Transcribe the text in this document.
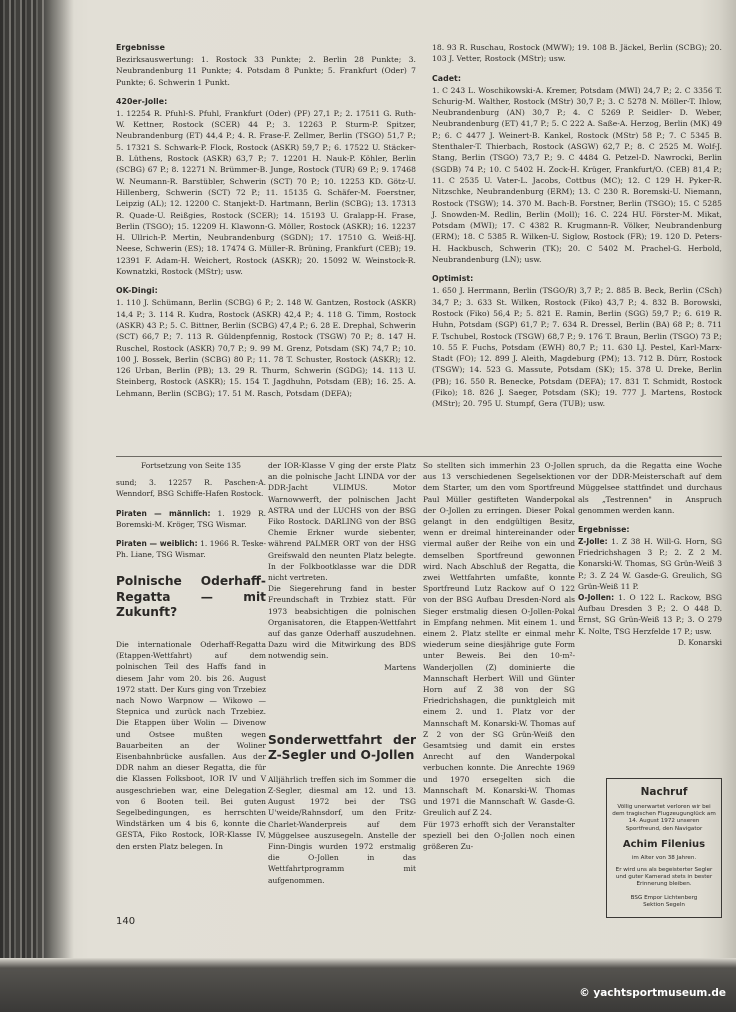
Ergebnisse

Bezirksauswertung: 1. Rostock 33 Punkte; 2. Berlin 28 Punkte; 3. Neubrandenburg 11 Punkte; 4. Potsdam 8 Punkte; 5. Frankfurt (Oder) 7 Punkte; 6. Schwerin 1 Punkt.

420er-Jolle:

1. 12254 R. Pfuhl-S. Pfuhl, Frankfurt (Oder) (PF) 27,1 P.; 2. 17511 G. Ruth-W. Kettner, Rostock (SCER) 44 P.; 3. 12263 P. Sturm-P. Spitzer, Neubrandenburg (ET) 44,4 P.; 4. R. Frase-F. Zellmer, Berlin (TSGO) 51,7 P.; 5. 17321 S. Schwark-P. Flock, Rostock (ASKR) 59,7 P.; 6. 17522 U. Stäcker-B. Lüthens, Rostock (ASKR) 63,7 P.; 7. 12201 H. Nauk-P. Köhler, Berlin (SCBG) 67 P.; 8. 12271 N. Brümmer-B. Junge, Rostock (TUR) 69 P.; 9. 17468 W. Neumann-R. Barstübler, Schwerin (SCT) 70 P.; 10. 12253 KD. Götz-U. Hillenberg, Schwerin (SCT) 72 P.; 11. 15135 G. Schäfer-M. Foerstner, Leipzig (AL); 12. 12200 C. Stanjekt-D. Hartmann, Berlin (SCBG); 13. 17313 R. Quade-U. Reißgies, Rostock (SCER); 14. 15193 U. Gralapp-H. Frase, Berlin (TSGO); 15. 12209 H. Klawonn-G. Möller, Rostock (ASKR); 16. 12237 H. Ullrich-P. Mertin, Neubrandenburg (SGDN); 17. 17510 G. Weiß-HJ. Neese, Schwerin (ES); 18. 17474 G. Müller-R. Brüning, Frankfurt (CEB); 19. 12391 F. Adam-H. Weichert, Rostock (ASKR); 20. 15092 W. Weinstock-R. Kownatzki, Rostock (MStr); usw.

OK-Dingi:

1. 110 J. Schümann, Berlin (SCBG) 6 P.; 2. 148 W. Gantzen, Rostock (ASKR) 14,4 P.; 3. 114 R. Kudra, Rostock (ASKR) 42,4 P.; 4. 118 G. Timm, Rostock (ASKR) 43 P.; 5. C. Bittner, Berlin (SCBG) 47,4 P.; 6. 28 E. Drephal, Schwerin (SCT) 66,7 P.; 7. 113 R. Güldenpfennig, Rostock (TSGW) 70 P.; 8. 147 H. Ruschel, Rostock (ASKR) 70,7 P.; 9. 99 M. Grenz, Potsdam (SK) 74,7 P.; 10. 100 J. Bossek, Berlin (SCBG) 80 P.; 11. 78 T. Schuster, Rostock (ASKR); 12. 126 Urban, Berlin (PB); 13. 29 R. Thurm, Schwerin (SGDG); 14. 113 U. Steinberg, Rostock (ASKR); 15. 154 T. Jagdhuhn, Potsdam (EB); 16. 25. A. Lehmann, Berlin (SCBG); 17. 51 M. Rasch, Potsdam (DEFA);

18. 93 R. Ruschau, Rostock (MWW); 19. 108 B. Jäckel, Berlin (SCBG); 20. 103 J. Vetter, Rostock (MStr); usw.

Cadet:

1. C 243 L. Woschikowski-A. Kremer, Potsdam (MWI) 24,7 P.; 2. C 3356 T. Schurig-M. Walther, Rostock (MStr) 30,7 P.; 3. C 5278 N. Möller-T. Ihlow, Neubrandenburg (AN) 30,7 P.; 4. C 5269 P. Seidler- D. Weber, Neubrandenburg (ET) 41,7 P.; 5. C 222 A. Saße-A. Herzog, Berlin (MK) 49 P.; 6. C 4477 J. Weinert-B. Kankel, Rostock (MStr) 58 P.; 7. C 5345 B. Stenthaler-T. Thierbach, Rostock (ASGW) 62,7 P.; 8. C 2525 M. Wolf-J. Stang, Berlin (TSGO) 73,7 P.; 9. C 4484 G. Petzel-D. Nawrocki, Berlin (SGDB) 74 P.; 10. C 5402 H. Zock-H. Krüger, Frankfurt/O. (CEB) 81,4 P.; 11. C 2535 U. Vater-L. Jacobs, Cottbus (MC); 12. C 129 H. Pyker-R. Nitzschke, Neubrandenburg (ERM); 13. C 230 R. Boremski-U. Niemann, Rostock (TSGW); 14. 370 M. Bach-B. Forstner, Berlin (TSGO); 15. C 5285 J. Snowden-M. Redlin, Berlin (Moll); 16. C. 224 HU. Förster-M. Mikat, Potsdam (MWI); 17. C 4382 R. Krugmann-R. Völker, Neubrandenburg (ERM); 18. C 5385 R. Wilken-U. Siglow, Rostock (FR); 19. 120 D. Peters-H. Hackbusch, Schwerin (TK); 20. C 5402 M. Prachel-G. Herbold, Neubrandenburg (LN); usw.

Optimist:

1. 650 J. Herrmann, Berlin (TSGO/R) 3,7 P.; 2. 885 B. Beck, Berlin (CSch) 34,7 P.; 3. 633 St. Wilken, Rostock (Fiko) 43,7 P.; 4. 832 B. Borowski, Rostock (Fiko) 56,4 P.; 5. 821 E. Ramin, Berlin (SGG) 59,7 P.; 6. 619 R. Huhn, Potsdam (SGP) 61,7 P.; 7. 634 R. Dressel, Berlin (BA) 68 P.; 8. 711 F. Tschubel, Rostock (TSGW) 68,7 P.; 9. 176 T. Braun, Berlin (TSGO) 73 P.; 10. 55 F. Fuchs, Potsdam (EWH) 80,7 P.; 11. 630 LJ. Pestel, Karl-Marx-Stadt (FO); 12. 899 J. Aleith, Magdeburg (PM); 13. 712 B. Dürr, Rostock (TSGW); 14. 523 G. Massute, Potsdam (SK); 15. 378 U. Dreke, Berlin (PB); 16. 550 R. Benecke, Potsdam (DEFA); 17. 831 T. Schmidt, Rostock (Fiko); 18. 826 J. Saeger, Potsdam (SK); 19. 777 J. Martens, Rostock (MStr); 20. 795 U. Stumpf, Gera (TUB); usw.

Fortsetzung von Seite 135

sund; 3. 12257 R. Paschen-A. Wenndorf, BSG Schiffe-Hafen Rostock.

Piraten — männlich: 1. 1929 R. Boremski-M. Kröger, TSG Wismar.

Piraten — weiblich: 1. 1966 R. Teske-Ph. Liane, TSG Wismar.

Polnische Oderhaff-Regatta — mit Zukunft?

Die internationale Oderhaff-Regatta (Etappen-Wettfahrt) auf dem polnischen Teil des Haffs fand in diesem Jahr vom 20. bis 26. August 1972 statt. Der Kurs ging von Trzebiez nach Nowo Warpnow — Wikowo — Stepnica und zurück nach Trzebiez. Die Etappen über Wolin — Divenow und Ostsee mußten wegen Bauarbeiten an der Woliner Eisenbahnbrücke ausfallen. Aus der DDR nahm an dieser Regatta, die für die Klassen Folksboot, IOR IV und V ausgeschrieben war, eine Delegation von 6 Booten teil. Bei guten Segelbedingungen, es herrschten Windstärken um 4 bis 6, konnte die GESTA, Fiko Rostock, IOR-Klasse IV, den ersten Platz belegen. In

der IOR-Klasse V ging der erste Platz an die polnische Jacht LINDA vor der DDR-Jacht VLIMUS. Motor Warnowwerft, der polnischen Jacht ASTRA und der LUCHS von der BSG Fiko Rostock. DARLING von der BSG Chemie Erkner wurde siebenter, während PALMER ORT von der HSG Greifswald den neunten Platz belegte. In der Folkbootklasse war die DDR nicht vertreten.

Die Siegerehrung fand in bester Freundschaft in Trzbiez statt. Für 1973 beabsichtigen die polnischen Organisatoren, die Etappen-Wettfahrt auf das ganze Oderhaff auszudehnen. Dazu wird die Mitwirkung des BDS notwendig sein.

Martens

Sonderwettfahrt der Z-Segler und O-Jollen

Alljährlich treffen sich im Sommer die Z-Segler, diesmal am 12. und 13. August 1972 bei der TSG U'weide/Rahnsdorf, um den Fritz-Charlet-Wanderpreis auf dem Müggelsee auszusegeln. Anstelle der Finn-Dingis wurden 1972 erstmalig die O-Jollen in das Wettfahrtprogramm mit aufgenommen.

So stellten sich immerhin 23 O-Jollen aus 13 verschiedenen Segelsektionen dem Starter, um den vom Sportfreund Paul Müller gestifteten Wanderpokal der O-Jollen zu erringen. Dieser Pokal gelangt in den endgültigen Besitz, wenn er dreimal hintereinander oder viermal außer der Reihe von ein und demselben Sportfreund gewonnen wird. Nach Abschluß der Regatta, die zwei Wettfahrten umfaßte, konnte Sportfreund Lutz Rackow auf O 122 von der BSG Aufbau Dresden-Nord als Sieger erstmalig diesen O-Jollen-Pokal in Empfang nehmen. Mit einem 1. und einem 2. Platz stellte er einmal mehr wiederum seine diesjährige gute Form unter Beweis. Bei den 10-m²-Wanderjollen (Z) dominierte die Mannschaft Herbert Will und Günter Horn auf Z 38 von der SG Friedrichshagen, die punktgleich mit einem 2. und 1. Platz vor der Mannschaft M. Konarski-W. Thomas auf Z 2 von der SG Grün-Weiß den Gesamtsieg und damit ein erstes Anrecht auf den Wanderpokal verbuchen konnte. Die Anrechte 1969 und 1970 ersegelten sich die Mannschaft M. Konarski-W. Thomas und 1971 die Mannschaft W. Gasde-G. Greulich auf Z 24.

Für 1973 erhofft sich der Veranstalter speziell bei den O-Jollen noch einen größeren Zu-

spruch, da die Regatta eine Woche vor der DDR-Meisterschaft auf dem Müggelsee stattfindet und durchaus als „Testrennen" in Anspruch genommen werden kann.

Ergebnisse:

Z-Jolle: 1. Z 38 H. Will-G. Horn, SG Friedrichshagen 3 P.; 2. Z 2 M. Konarski-W. Thomas, SG Grün-Weiß 3 P.; 3. Z 24 W. Gasde-G. Greulich, SG Grün-Weiß 11 P.

O-Jollen: 1. O 122 L. Rackow, BSG Aufbau Dresden 3 P.; 2. O 448 D. Ernst, SG Grün-Weiß 13 P.; 3. O 279 K. Nolte, TSG Herzfelde 17 P.; usw.

D. Konarski

Nachruf
Völlig unerwartet verloren wir bei dem tragischen Flugzeugunglück am 14. August 1972 unseren Sportfreund, den Navigator
Achim Filenius
im Alter von 38 Jahren.
Er wird uns als begeisterter Segler und guter Kamerad stets in bester Erinnerung bleiben.
BSG Empor Lichtenberg
Sektion Segeln
140
© yachtsportmuseum.de
